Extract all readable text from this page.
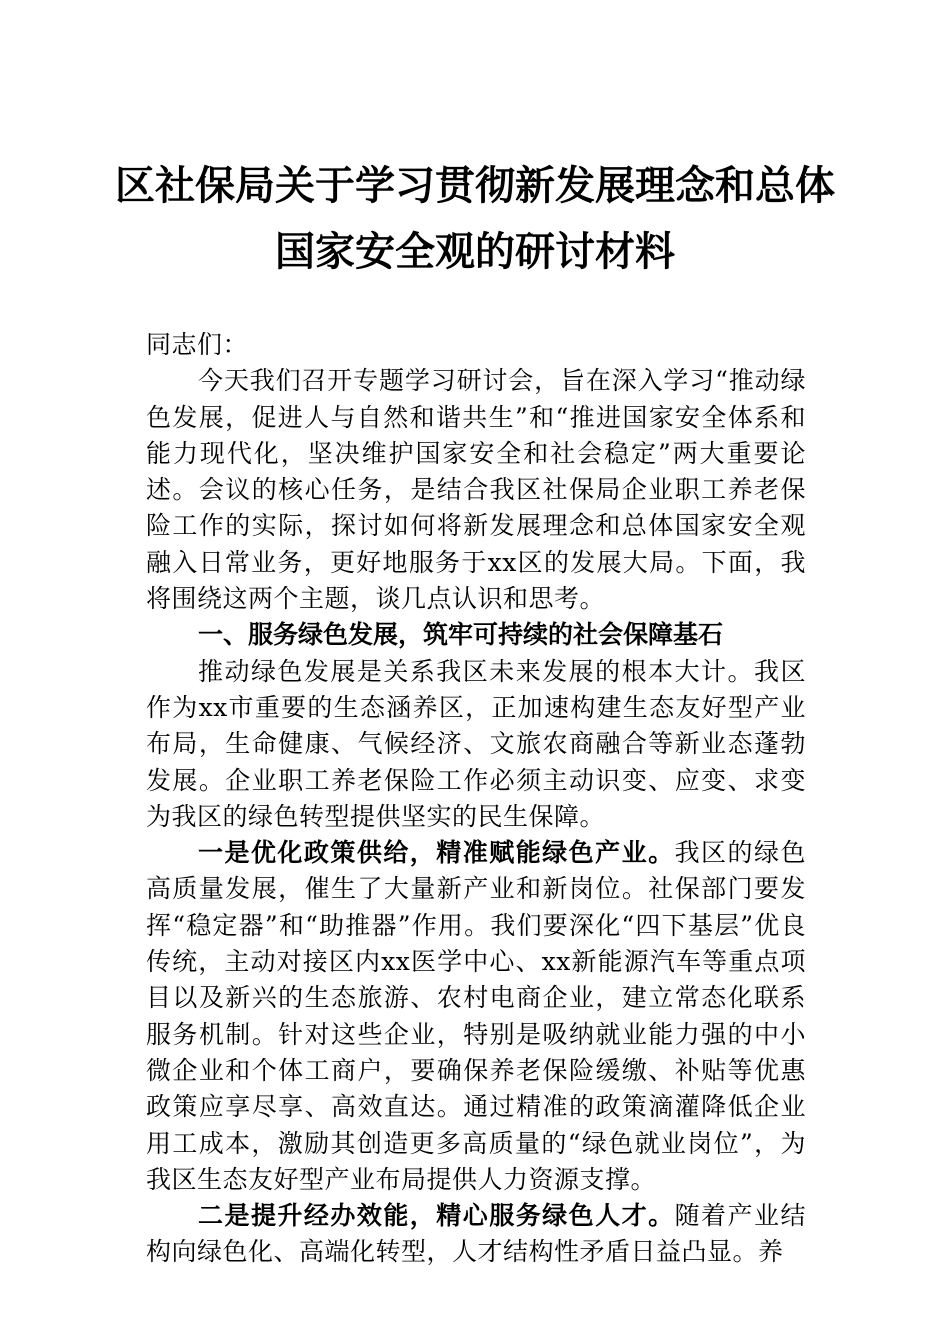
区社保局关于学习贯彻新发展理念和总体
国家安全观的研讨材料

同志们：

今天我们召开专题学习研讨会，旨在深入学习“推动绿色发展，促进人与自然和谐共生”和“推进国家安全体系和能力现代化，坚决维护国家安全和社会稳定”两大重要论述。会议的核心任务，是结合我区社保局企业职工养老保险工作的实际，探讨如何将新发展理念和总体国家安全观融入日常业务，更好地服务于xx区的发展大局。下面，我将围绕这两个主题，谈几点认识和思考。

一、服务绿色发展，筑牢可持续的社会保障基石

推动绿色发展是关系我区未来发展的根本大计。我区作为xx市重要的生态涵养区，正加速构建生态友好型产业布局，生命健康、气候经济、文旅农商融合等新业态蓬勃发展。企业职工养老保险工作必须主动识变、应变、求变为我区的绿色转型提供坚实的民生保障。

一是优化政策供给，精准赋能绿色产业。我区的绿色高质量发展，催生了大量新产业和新岗位。社保部门要发挥“稳定器”和“助推器”作用。我们要深化“四下基层”优良传统，主动对接区内xx医学中心、xx新能源汽车等重点项目以及新兴的生态旅游、农村电商企业，建立常态化联系服务机制。针对这些企业，特别是吸纳就业能力强的中小微企业和个体工商户，要确保养老保险缓缴、补贴等优惠政策应享尽享、高效直达。通过精准的政策滴灌降低企业用工成本，激励其创造更多高质量的“绿色就业岗位”，为我区生态友好型产业布局提供人力资源支撑。

二是提升经办效能，精心服务绿色人才。随着产业结构向绿色化、高端化转型，人才结构性矛盾日益凸显。养
